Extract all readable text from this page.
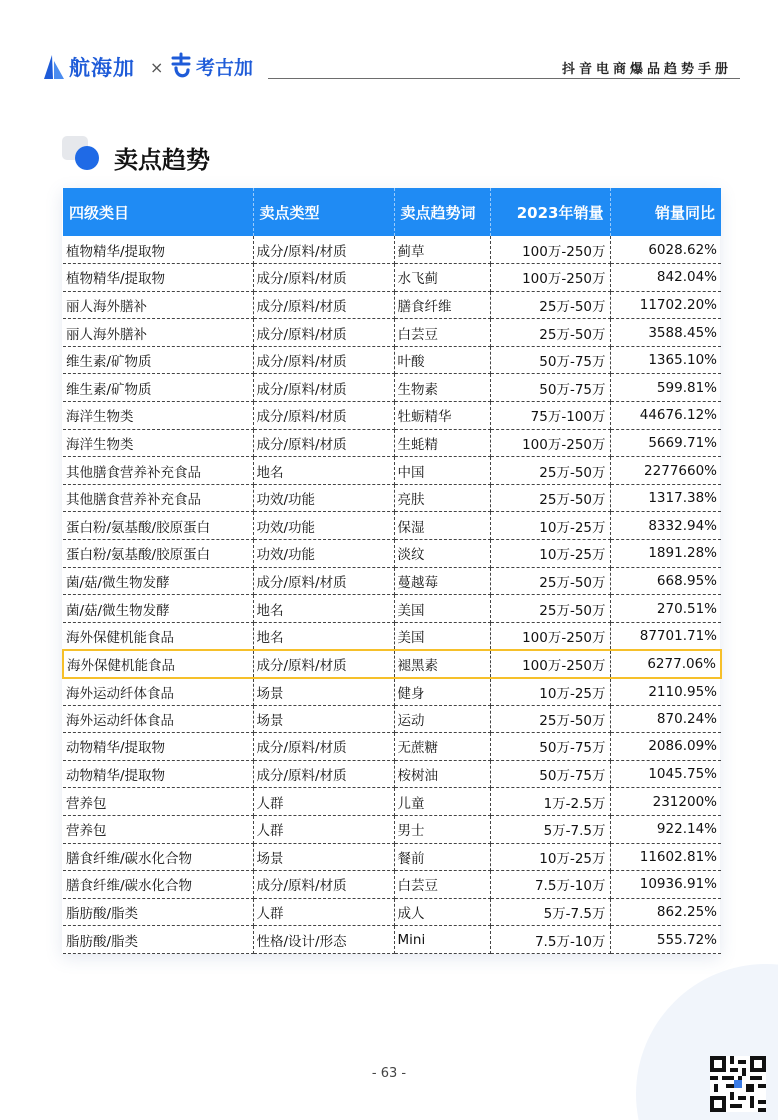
航海加 × 考古加	抖音电商爆品趋势手册
卖点趋势
四级类目	卖点类型	卖点趋势词	2023年销量	销量同比
植物精华/提取物	成分/原料/材质	蓟草	100万-250万	6028.62%
植物精华/提取物	成分/原料/材质	水飞蓟	100万-250万	842.04%
丽人海外膳补	成分/原料/材质	膳食纤维	25万-50万	11702.20%
丽人海外膳补	成分/原料/材质	白芸豆	25万-50万	3588.45%
维生素/矿物质	成分/原料/材质	叶酸	50万-75万	1365.10%
维生素/矿物质	成分/原料/材质	生物素	50万-75万	599.81%
海洋生物类	成分/原料/材质	牡蛎精华	75万-100万	44676.12%
海洋生物类	成分/原料/材质	生蚝精	100万-250万	5669.71%
其他膳食营养补充食品	地名	中国	25万-50万	2277660%
其他膳食营养补充食品	功效/功能	亮肤	25万-50万	1317.38%
蛋白粉/氨基酸/胶原蛋白	功效/功能	保湿	10万-25万	8332.94%
蛋白粉/氨基酸/胶原蛋白	功效/功能	淡纹	10万-25万	1891.28%
菌/菇/微生物发酵	成分/原料/材质	蔓越莓	25万-50万	668.95%
菌/菇/微生物发酵	地名	美国	25万-50万	270.51%
海外保健机能食品	地名	美国	100万-250万	87701.71%
海外保健机能食品	成分/原料/材质	褪黑素	100万-250万	6277.06%
海外运动纤体食品	场景	健身	10万-25万	2110.95%
海外运动纤体食品	场景	运动	25万-50万	870.24%
动物精华/提取物	成分/原料/材质	无蔗糖	50万-75万	2086.09%
动物精华/提取物	成分/原料/材质	桉树油	50万-75万	1045.75%
营养包	人群	儿童	1万-2.5万	231200%
营养包	人群	男士	5万-7.5万	922.14%
膳食纤维/碳水化合物	场景	餐前	10万-25万	11602.81%
膳食纤维/碳水化合物	成分/原料/材质	白芸豆	7.5万-10万	10936.91%
脂肪酸/脂类	人群	成人	5万-7.5万	862.25%
脂肪酸/脂类	性格/设计/形态	Mini	7.5万-10万	555.72%
- 63 -
